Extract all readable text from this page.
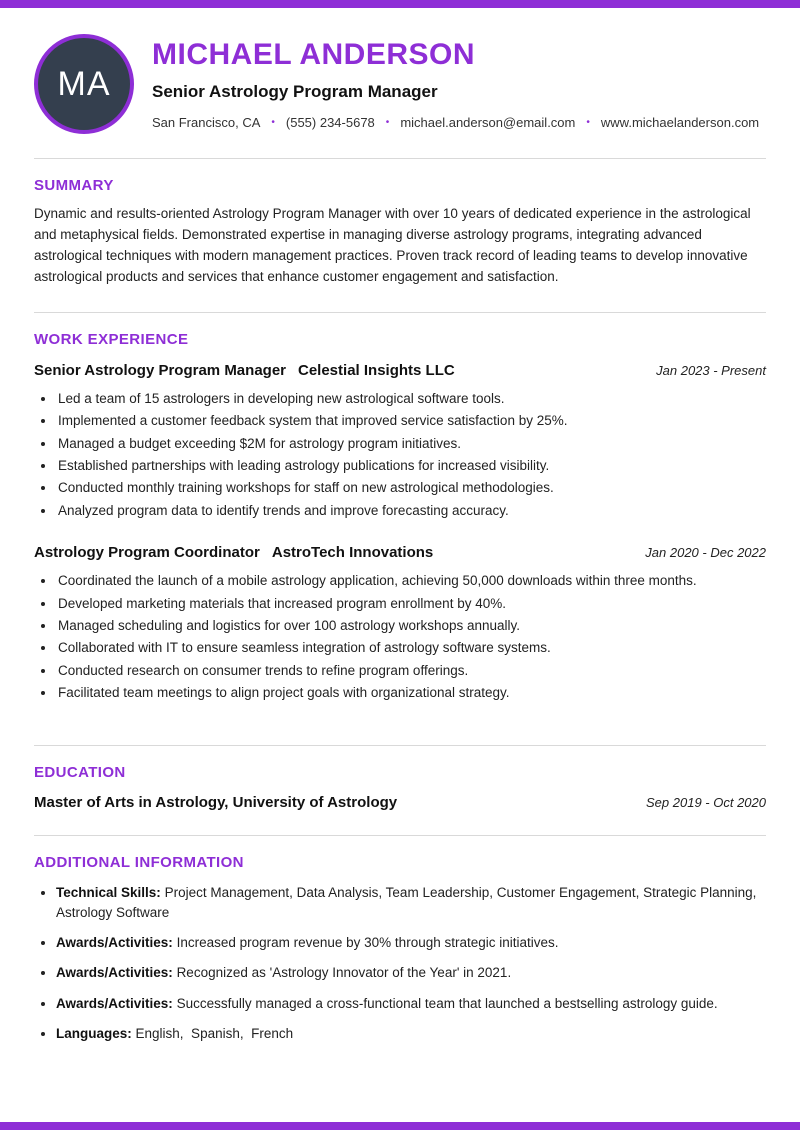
MA
MICHAEL ANDERSON
Senior Astrology Program Manager
San Francisco, CA • (555) 234-5678 • michael.anderson@email.com • www.michaelanderson.com
SUMMARY

Dynamic and results-oriented Astrology Program Manager with over 10 years of dedicated experience in the astrological and metaphysical fields. Demonstrated expertise in managing diverse astrology programs, integrating advanced astrological techniques with modern management practices. Proven track record of leading teams to develop innovative astrological products and services that enhance customer engagement and satisfaction.

WORK EXPERIENCE
Senior Astrology Program Manager Celestial Insights LLC	Jan 2023 - Present
• Led a team of 15 astrologers in developing new astrological software tools.
• Implemented a customer feedback system that improved service satisfaction by 25%.
• Managed a budget exceeding $2M for astrology program initiatives.
• Established partnerships with leading astrology publications for increased visibility.
• Conducted monthly training workshops for staff on new astrological methodologies.
• Analyzed program data to identify trends and improve forecasting accuracy.
Astrology Program Coordinator AstroTech Innovations	Jan 2020 - Dec 2022
• Coordinated the launch of a mobile astrology application, achieving 50,000 downloads within three months.
• Developed marketing materials that increased program enrollment by 40%.
• Managed scheduling and logistics for over 100 astrology workshops annually.
• Collaborated with IT to ensure seamless integration of astrology software systems.
• Conducted research on consumer trends to refine program offerings.
• Facilitated team meetings to align project goals with organizational strategy.
EDUCATION
Master of Arts in Astrology, University of Astrology	Sep 2019 - Oct 2020
ADDITIONAL INFORMATION
• Technical Skills: Project Management, Data Analysis, Team Leadership, Customer Engagement, Strategic Planning, Astrology Software
• Awards/Activities: Increased program revenue by 30% through strategic initiatives.
• Awards/Activities: Recognized as 'Astrology Innovator of the Year' in 2021.
• Awards/Activities: Successfully managed a cross-functional team that launched a bestselling astrology guide.
• Languages: English,  Spanish,  French
